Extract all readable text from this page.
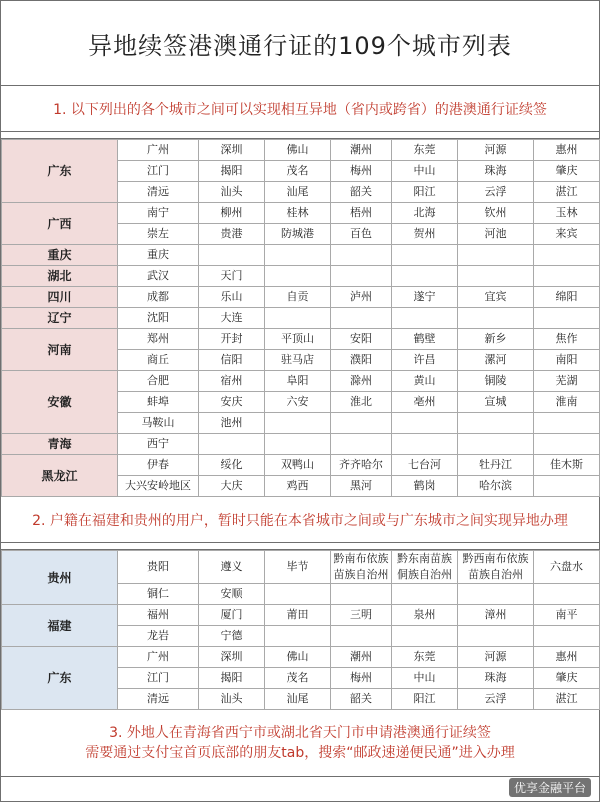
异地续签港澳通行证的109个城市列表
1. 以下列出的各个城市之间可以实现相互异地（省内或跨省）的港澳通行证续签
广东	广州	深圳	佛山	潮州	东莞	河源	惠州
	江门	揭阳	茂名	梅州	中山	珠海	肇庆
	清远	汕头	汕尾	韶关	阳江	云浮	湛江
广西	南宁	柳州	桂林	梧州	北海	钦州	玉林
	崇左	贵港	防城港	百色	贺州	河池	来宾
重庆	重庆						
湖北	武汉	天门					
四川	成都	乐山	自贡	泸州	遂宁	宜宾	绵阳
辽宁	沈阳	大连					
河南	郑州	开封	平顶山	安阳	鹤壁	新乡	焦作
	商丘	信阳	驻马店	濮阳	许昌	漯河	南阳
安徽	合肥	宿州	阜阳	滁州	黄山	铜陵	芜湖
	蚌埠	安庆	六安	淮北	亳州	宣城	淮南
	马鞍山	池州					
青海	西宁						
黑龙江	伊春	绥化	双鸭山	齐齐哈尔	七台河	牡丹江	佳木斯
	大兴安岭地区	大庆	鸡西	黑河	鹤岗	哈尔滨	
2. 户籍在福建和贵州的用户，暂时只能在本省城市之间或与广东城市之间实现异地办理
贵州	贵阳	遵义	毕节	黔南布依族苗族自治州	黔东南苗族侗族自治州	黔西南布依族苗族自治州	六盘水
	铜仁	安顺					
福建	福州	厦门	莆田	三明	泉州	漳州	南平
	龙岩	宁德					
广东	广州	深圳	佛山	潮州	东莞	河源	惠州
	江门	揭阳	茂名	梅州	中山	珠海	肇庆
	清远	汕头	汕尾	韶关	阳江	云浮	湛江
3. 外地人在青海省西宁市或湖北省天门市申请港澳通行证续签
需要通过支付宝首页底部的朋友tab，搜索“邮政速递便民通”进入办理
优享金融平台
